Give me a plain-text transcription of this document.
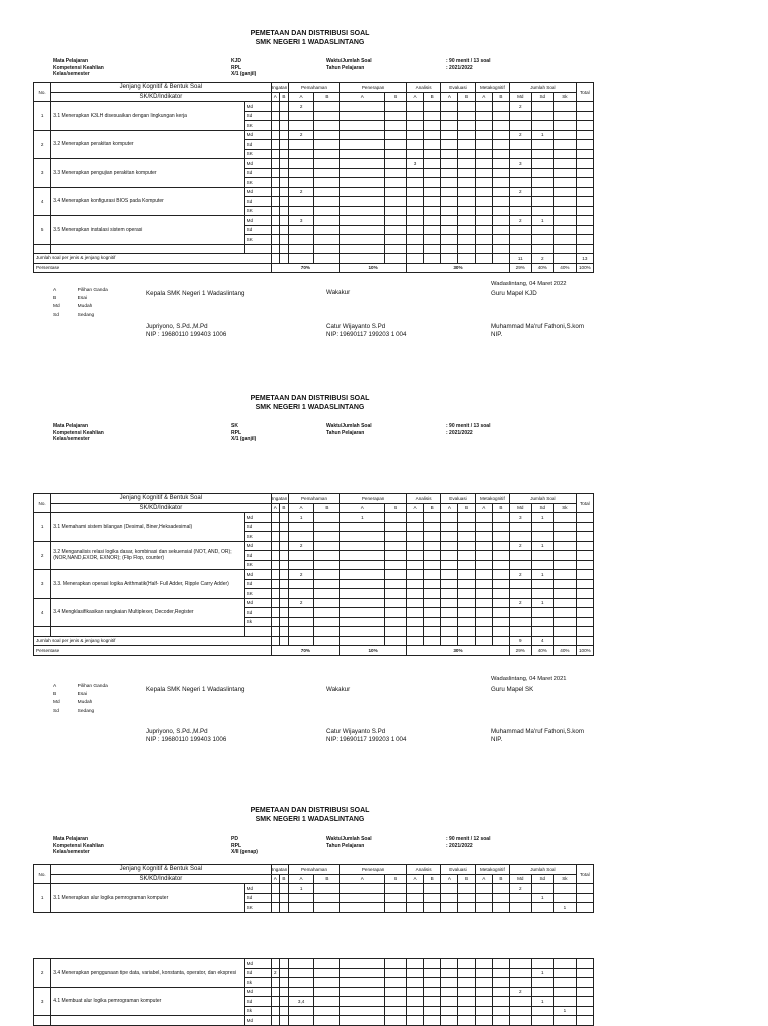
PEMETAAN DAN DISTRIBUSI SOAL
SMK NEGERI 1 WADASLINTANG
Mata Pelajaran
Kompetensi Keahlian
Kelas/semester
KJD
RPL
X/1 (ganjil)
Waktu/Jumlah Soal
Tahun Pelajaran
: 90 menit / 13 soal
: 2021/2022
No.	Jenjang Kognitif & Bentuk Soal		Ingatan		Pemahaman		Penerapan		Analisis		Evaluasi		Metakognitif		Jumlah Soal			Total
	SK/KD/Indikator		A	B	A	B	A	B	A	B	A	B	A	B	Md	Sd	Sk	
1	3.1 Menerapkan K3LH disesuaikan dengan lingkungan kerja	Md			2										2			
		Sd																
		SK																
2	3.2 Menerapkan perakitan komputer	Md			2										2	1		
		Sd																
		SK																
3	3.3 Menerapkan pengujian perakitan komputer	Md							3						3			
		Sd																
		SK																
4	3.4 Menerapkan konfigurasi BIOS pada Komputer	Md			2										2			
		Sd																
		SK																
5	3.5 Menerapkan instalasi sistem operasi	Md			3										2	1		
		Sd																
		SK																

Jumlah soal per jenis & jenjang kognitif															11	2		13
Persentase			70%				10%		30%						29%	40%	40%	100%
Wadaslintang, 04 Maret 2022
A	Pilihan Ganda
B	Esai
Md	Mudah
Sd	Sedang
Kepala SMK Negeri 1 Wadaslintang	Wakakur	Guru Mapel KJD
Jupriyono, S.Pd.,M.Pd
NIP : 19680110 199403 1006
Catur Wijayanto S.Pd
NIP: 19690117 199203 1 004
Muhammad Ma'ruf Fathoni,S.kom
NIP.
PEMETAAN DAN DISTRIBUSI SOAL
SMK NEGERI 1 WADASLINTANG
Mata Pelajaran
Kompetensi Keahlian
Kelas/semester
SK
RPL
X/1 (ganjil)
Waktu/Jumlah Soal
Tahun Pelajaran
: 90 menit / 13 soal
: 2021/2022
No.	Jenjang Kognitif & Bentuk Soal		Ingatan		Pemahaman		Penerapan		Analisis		Evaluasi		Metakognitif		Jumlah Soal			Total
	SK/KD/Indikator		A	B	A	B	A	B	A	B	A	B	A	B	Md	Sd	Sk	
1	3.1 Memahami sistem bilangan (Desimal, Biner,Heksadesimal)	Md			1		1								3	1		
		Sd																
		SK																
2	3.2 Menganalisis relasi logika dasar, kombinasi dan sekuensial (NOT, AND, OR); (NOR,NAND,EXOR, EXNOR); (Flip Flop, counter)	Md			2										2	1		
		Sd																
		SK																
3	3.3. Menerapkan operasi logika Arithmatik(Half- Full Adder, Ripple Carry Adder)	Md			2										2	1		
		Sd																
		SK																
4	3.4 Mengklasifikasikan rangkaian Multiplexer, Decoder,Register	Md			2										2	1		
		Sd																
		Sk																

Jumlah soal per jenis & jenjang kognitif															9	4		
Persentase			70%				10%		30%						29%	40%	40%	100%
Wadaslintang, 04 Maret 2021
A	Pilihan Ganda
B	Esai
Md	Mudah
Sd	Sedang
Kepala SMK Negeri 1 Wadaslintang	Wakakur	Guru Mapel SK
Jupriyono, S.Pd.,M.Pd
NIP : 19680110 199403 1006
Catur Wijayanto S.Pd
NIP: 19690117 199203 1 004
Muhammad Ma'ruf Fathoni,S.kom
NIP.
PEMETAAN DAN DISTRIBUSI SOAL
SMK NEGERI 1 WADASLINTANG
Mata Pelajaran
Kompetensi Keahlian
Kelas/semester
PD
RPL
X/II (genap)
Waktu/Jumlah Soal
Tahun Pelajaran
: 90 menit / 12 soal
: 2021/2022
No.	Jenjang Kognitif & Bentuk Soal		Ingatan		Pemahaman		Penerapan		Analisis		Evaluasi		Metakognitif		Jumlah Soal			Total
	SK/KD/Indikator		A	B	A	B	A	B	A	B	A	B	A	B	Md	Sd	Sk	
1	3.1 Menerapkan alur logika pemrograman komputer	Md			1										2			
		Sd														1		
		SK															1	
2	3.4 Menerapkan penggunaan tipe data, variabel, konstanta, operator, dan ekspresi	Md																
		Sd	2													1		
		Sk																
3	4.1 Membuat alur logika pemrograman komputer	Md													2			
		Sd			3,4											1		
		Sk															1	
		Md																
